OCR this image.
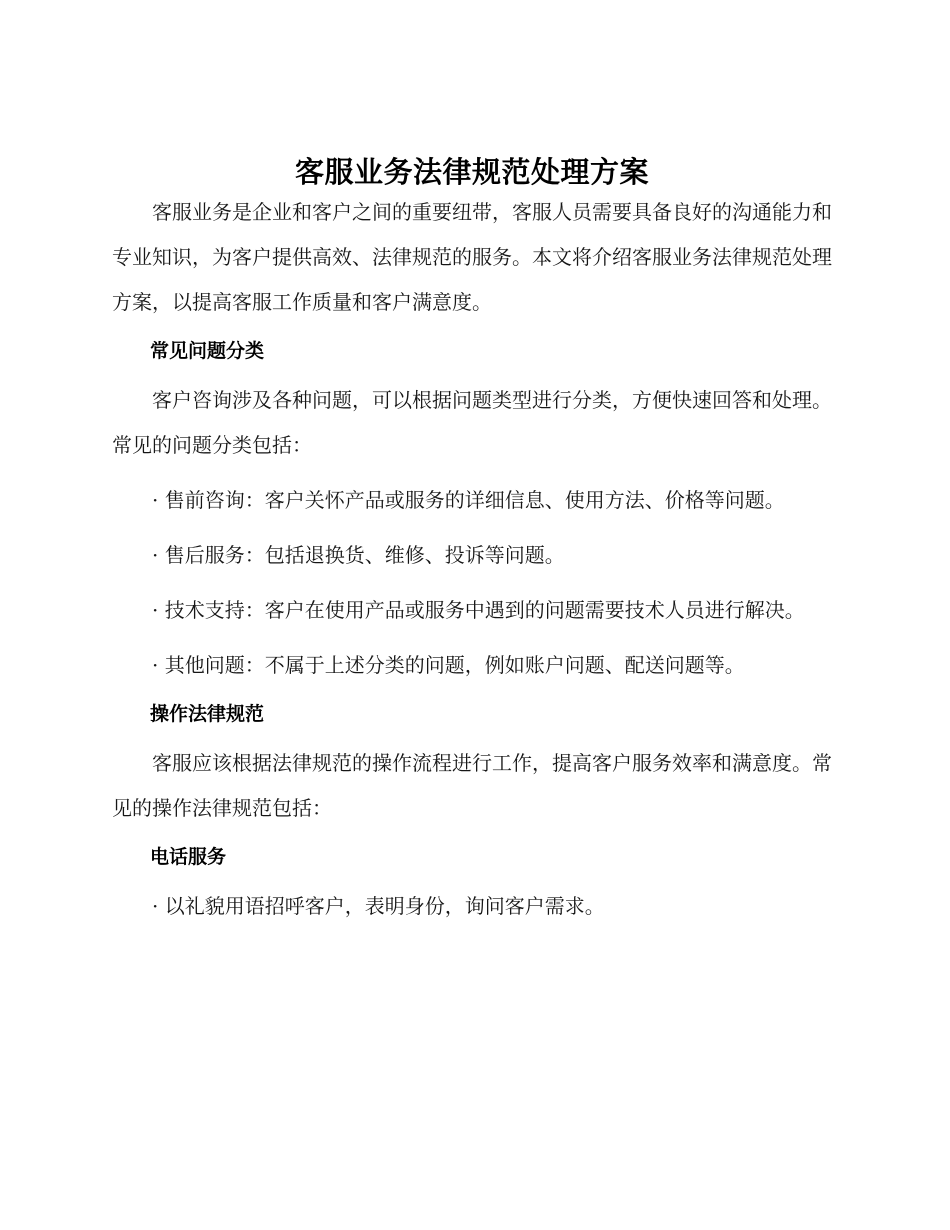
客服业务法律规范处理方案

客服业务是企业和客户之间的重要纽带，客服人员需要具备良好的沟通能力和专业知识，为客户提供高效、法律规范的服务。本文将介绍客服业务法律规范处理方案，以提高客服工作质量和客户满意度。

常见问题分类

客户咨询涉及各种问题，可以根据问题类型进行分类，方便快速回答和处理。常见的问题分类包括：

· 售前咨询：客户关怀产品或服务的详细信息、使用方法、价格等问题。

· 售后服务：包括退换货、维修、投诉等问题。

· 技术支持：客户在使用产品或服务中遇到的问题需要技术人员进行解决。

· 其他问题：不属于上述分类的问题，例如账户问题、配送问题等。

操作法律规范

客服应该根据法律规范的操作流程进行工作，提高客户服务效率和满意度。常见的操作法律规范包括：

电话服务

· 以礼貌用语招呼客户，表明身份，询问客户需求。
